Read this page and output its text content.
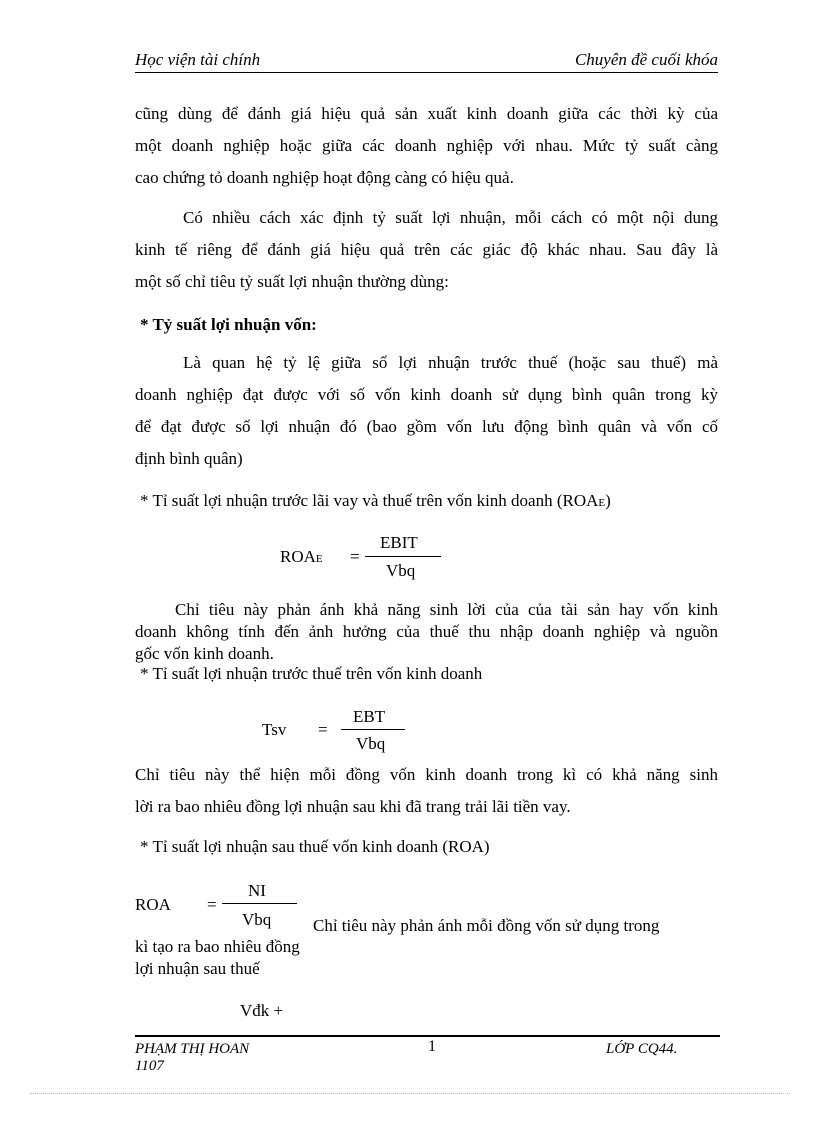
Học viện tài chính	Chuyên đề cuối khóa
cũng dùng để đánh giá hiệu quả sản xuất kinh doanh giữa các thời kỳ của
một doanh nghiệp hoặc giữa các doanh nghiệp với nhau. Mức tỷ suất càng
cao chứng tỏ doanh nghiệp hoạt động càng có hiệu quả.
Có nhiều cách xác định tỷ suất lợi nhuận, mỗi cách có một nội dung
kinh tế riêng để đánh giá hiệu quả trên các giác độ khác nhau. Sau đây là
một số chỉ tiêu tỷ suất lợi nhuận thường dùng:
* Tỷ suất lợi nhuận vốn:
Là quan hệ tỷ lệ giữa số lợi nhuận trước thuế (hoặc sau thuế) mà
doanh nghiệp đạt được với số vốn kinh doanh sử dụng bình quân trong kỳ
để đạt được số lợi nhuận đó (bao gồm vốn lưu động bình quân và vốn cố
định bình quân)
* Tỉ suất lợi nhuận trước lãi vay và thuế trên vốn kinh doanh (ROAE)
ROAE =
EBIT
Vbq
Chỉ tiêu này phản ánh khả năng sinh lời của của tài sản hay vốn kinh
doanh không tính đến ảnh hưởng của thuế thu nhập doanh nghiệp và nguồn
gốc vốn kinh doanh.
* Tỉ suất lợi nhuận trước thuế trên vốn kinh doanh
Tsv =
EBT
Vbq
Chỉ tiêu này thể hiện mỗi đồng vốn kinh doanh trong kì có khả năng sinh
lời ra bao nhiêu đồng lợi nhuận sau khi đã trang trải lãi tiền vay.
* Tỉ suất lợi nhuận sau thuế vốn kinh doanh (ROA)
ROA =
NI
Vbq Chỉ tiêu này phản ánh mỗi đồng vốn sử dụng trong
kì tạo ra bao nhiêu đồng
lợi nhuận sau thuế
Vđk +
PHẠM THỊ HOAN
1107
1	LỚP CQ44.
